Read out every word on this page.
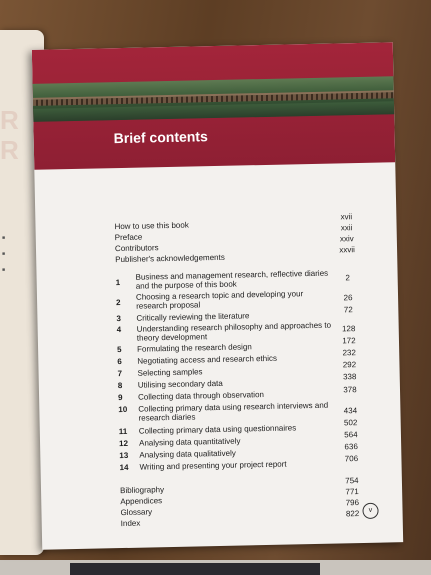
R
R
■
■
■
Brief contents
How to use this book
xvii
Preface
xxii
Contributors
xxiv
Publisher's acknowledgements
xxvii
1
Business and management research, reflective diaries and the purpose of this book
2
2
Choosing a research topic and developing your research proposal
26
3 Critically reviewing the literature
72
4 Understanding research philosophy and approaches to theory development
128
5 Formulating the research design
172
6 Negotiating access and research ethics
232
7 Selecting samples
292
8 Utilising secondary data
338
9 Collecting data through observation
378
10 Collecting primary data using research interviews and research diaries
434
11 Collecting primary data using questionnaires
502
12 Analysing data quantitatively
564
13 Analysing data qualitatively
636
14 Writing and presenting your project report
706
Bibliography
754
Appendices
771
Glossary
796
Index
822	v
